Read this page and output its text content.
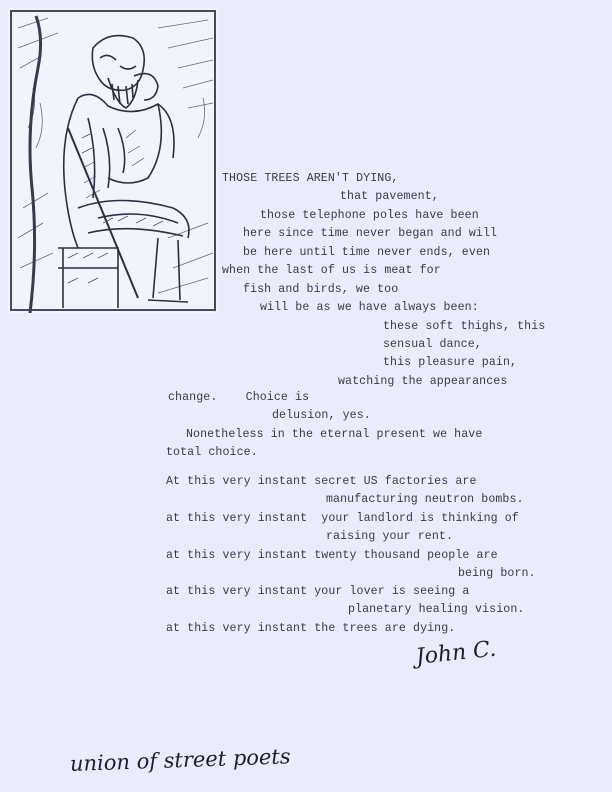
THOSE TREES AREN'T DYING,
that pavement,
those telephone poles have been
here since time never began and will
be here until time never ends, even
when the last of us is meat for
fish and birds, we too
will be as we have always been:
these soft thighs, this
sensual dance,
this pleasure pain,
watching the appearances
change.    Choice is
delusion, yes.
Nonetheless in the eternal present we have
total choice.
At this very instant secret US factories are
manufacturing neutron bombs.
at this very instant  your landlord is thinking of
raising your rent.
at this very instant twenty thousand people are
being born.
at this very instant your lover is seeing a
planetary healing vision.
at this very instant the trees are dying.
John C.
union of street poets
